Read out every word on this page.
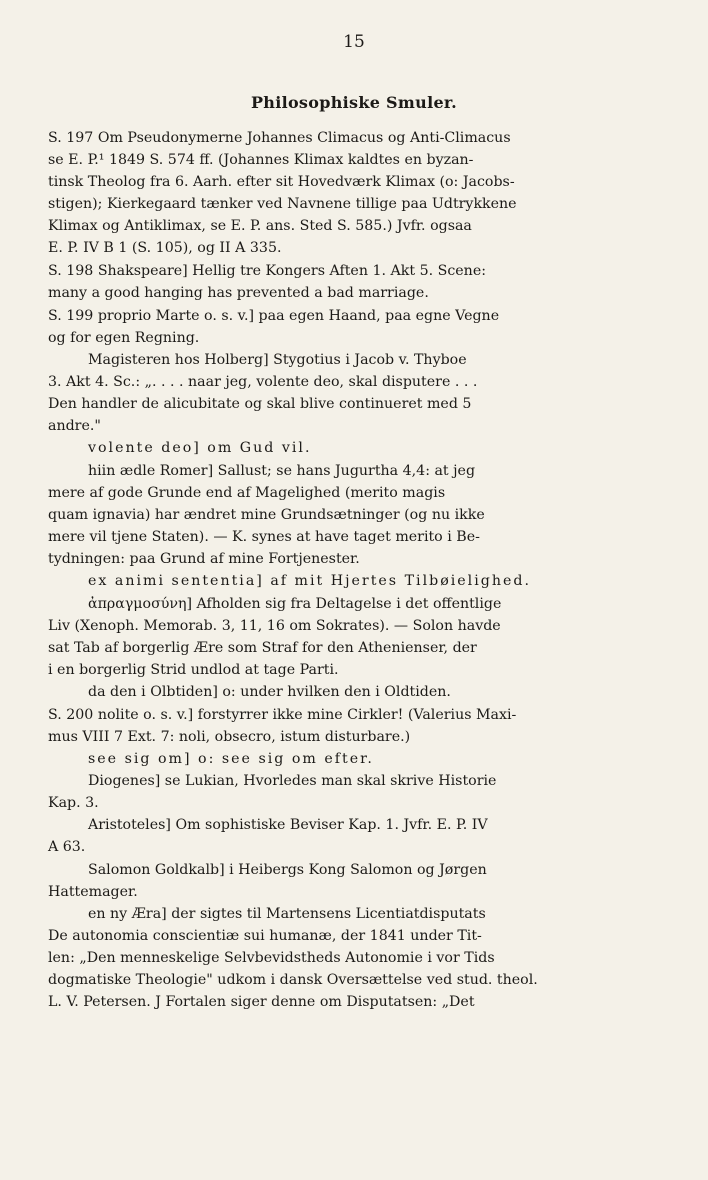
15
Philosophiske Smuler.
S. 197 Om Pseudonymerne Johannes Climacus og Anti-Climacus
se E. P.¹ 1849 S. 574 ff. (Johannes Klimax kaldtes en byzan-
tinsk Theolog fra 6. Aarh. efter sit Hovedværk Klimax (o: Jacobs-
stigen); Kierkegaard tænker ved Navnene tillige paa Udtrykkene
Klimax og Antiklimax, se E. P. ans. Sted S. 585.) Jvfr. ogsaa
E. P. IV B 1 (S. 105), og II A 335.
S. 198 Shakspeare] Hellig tre Kongers Aften 1. Akt 5. Scene:
many a good hanging has prevented a bad marriage.
S. 199 proprio Marte o. s. v.] paa egen Haand, paa egne Vegne
og for egen Regning.
Magisteren hos Holberg] Stygotius i Jacob v. Thyboe
3. Akt 4. Sc.: „. . . . naar jeg, volente deo, skal disputere . . .
Den handler de alicubitate og skal blive continueret med 5
andre."
volente deo] om Gud vil.
hiin ædle Romer] Sallust; se hans Jugurtha 4,4: at jeg
mere af gode Grunde end af Magelighed (merito magis
quam ignavia) har ændret mine Grundsætninger (og nu ikke
mere vil tjene Staten). — K. synes at have taget merito i Be-
tydningen: paa Grund af mine Fortjenester.
ex animi sententia] af mit Hjertes Tilbøielighed.
ἀπραγμοσύνη] Afholden sig fra Deltagelse i det offentlige
Liv (Xenoph. Memorab. 3, 11, 16 om Sokrates). — Solon havde
sat Tab af borgerlig Ære som Straf for den Athenienser, der
i en borgerlig Strid undlod at tage Parti.
da den i Olbtiden] o: under hvilken den i Oldtiden.
S. 200 nolite o. s. v.] forstyrrer ikke mine Cirkler! (Valerius Maxi-
mus VIII 7 Ext. 7: noli, obsecro, istum disturbare.)
see sig om] o: see sig om efter.
Diogenes] se Lukian, Hvorledes man skal skrive Historie
Kap. 3.
Aristoteles] Om sophistiske Beviser Kap. 1. Jvfr. E. P. IV
A 63.
Salomon Goldkalb] i Heibergs Kong Salomon og Jørgen
Hattemager.
en ny Æra] der sigtes til Martensens Licentiatdisputats
De autonomia conscientiæ sui humanæ, der 1841 under Tit-
len: „Den menneskelige Selvbevidsthedѕ Autonomie i vor Tids
dogmatiske Theologie" udkom i dansk Oversættelse ved stud. theol.
L. V. Petersen. J Fortalen siger denne om Disputatsen: „Det
